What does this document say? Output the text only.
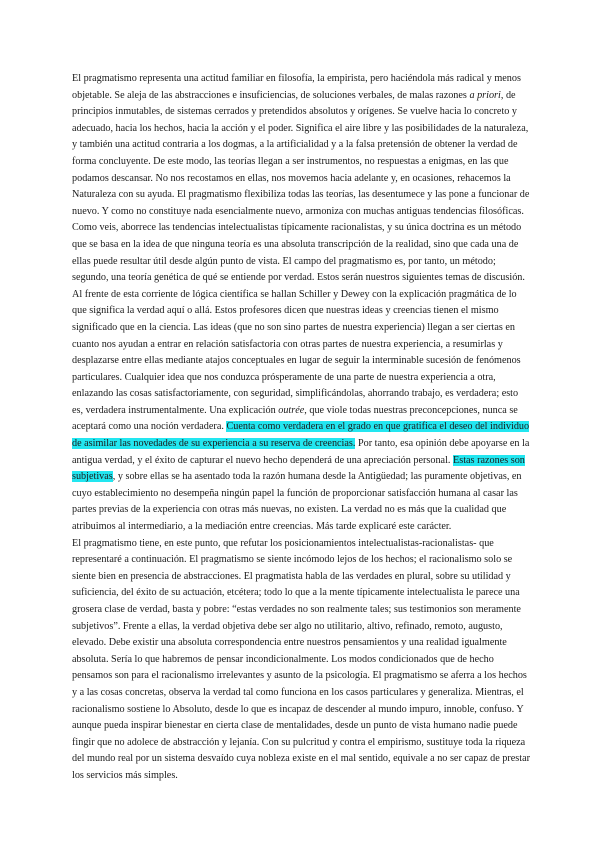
El pragmatismo representa una actitud familiar en filosofía, la empirista, pero haciéndola más radical y menos objetable. Se aleja de las abstracciones e insuficiencias, de soluciones verbales, de malas razones a priori, de principios inmutables, de sistemas cerrados y pretendidos absolutos y orígenes. Se vuelve hacia lo concreto y adecuado, hacia los hechos, hacia la acción y el poder. Significa el aire libre y las posibilidades de la naturaleza, y también una actitud contraria a los dogmas, a la artificialidad y a la falsa pretensión de obtener la verdad de forma concluyente. De este modo, las teorías llegan a ser instrumentos, no respuestas a enigmas, en las que podamos descansar. No nos recostamos en ellas, nos movemos hacia adelante y, en ocasiones, rehacemos la Naturaleza con su ayuda. El pragmatismo flexibiliza todas las teorías, las desentumece y las pone a funcionar de nuevo. Y como no constituye nada esencialmente nuevo, armoniza con muchas antiguas tendencias filosóficas. Como veis, aborrece las tendencias intelectualistas típicamente racionalistas, y su única doctrina es un método que se basa en la idea de que ninguna teoría es una absoluta transcripción de la realidad, sino que cada una de ellas puede resultar útil desde algún punto de vista. El campo del pragmatismo es, por tanto, un método; segundo, una teoría genética de qué se entiende por verdad. Estos serán nuestros siguientes temas de discusión.

Al frente de esta corriente de lógica científica se hallan Schiller y Dewey con la explicación pragmática de lo que significa la verdad aquí o allá. Estos profesores dicen que nuestras ideas y creencias tienen el mismo significado que en la ciencia. Las ideas (que no son sino partes de nuestra experiencia) llegan a ser ciertas en cuanto nos ayudan a entrar en relación satisfactoria con otras partes de nuestra experiencia, a resumirlas y desplazarse entre ellas mediante atajos conceptuales en lugar de seguir la interminable sucesión de fenómenos particulares. Cualquier idea que nos conduzca prósperamente de una parte de nuestra experiencia a otra, enlazando las cosas satisfactoriamente, con seguridad, simplificándolas, ahorrando trabajo, es verdadera; esto es, verdadera instrumentalmente. Una explicación outrée, que viole todas nuestras preconcepciones, nunca se aceptará como una noción verdadera. Cuenta como verdadera en el grado en que gratifica el deseo del individuo de asimilar las novedades de su experiencia a su reserva de creencias. Por tanto, esa opinión debe apoyarse en la antigua verdad, y el éxito de capturar el nuevo hecho dependerá de una apreciación personal. Estas razones son subjetivas, y sobre ellas se ha asentado toda la razón humana desde la Antigüedad; las puramente objetivas, en cuyo establecimiento no desempeña ningún papel la función de proporcionar satisfacción humana al casar las partes previas de la experiencia con otras más nuevas, no existen. La verdad no es más que la cualidad que atribuimos al intermediario, a la mediación entre creencias. Más tarde explicaré este carácter.

El pragmatismo tiene, en este punto, que refutar los posicionamientos intelectualistas-racionalistas- que representaré a continuación. El pragmatismo se siente incómodo lejos de los hechos; el racionalismo solo se siente bien en presencia de abstracciones. El pragmatista habla de las verdades en plural, sobre su utilidad y suficiencia, del éxito de su actuación, etcétera; todo lo que a la mente típicamente intelectualista le parece una grosera clase de verdad, basta y pobre: “estas verdades no son realmente tales; sus testimonios son meramente subjetivos”. Frente a ellas, la verdad objetiva debe ser algo no utilitario, altivo, refinado, remoto, augusto, elevado. Debe existir una absoluta correspondencia entre nuestros pensamientos y una realidad igualmente absoluta. Sería lo que habremos de pensar incondicionalmente. Los modos condicionados que de hecho pensamos son para el racionalismo irrelevantes y asunto de la psicología. El pragmatismo se aferra a los hechos y a las cosas concretas, observa la verdad tal como funciona en los casos particulares y generaliza. Mientras, el racionalismo sostiene lo Absoluto, desde lo que es incapaz de descender al mundo impuro, innoble, confuso. Y aunque pueda inspirar bienestar en cierta clase de mentalidades, desde un punto de vista humano nadie puede fingir que no adolece de abstracción y lejanía. Con su pulcritud y contra el empirismo, sustituye toda la riqueza del mundo real por un sistema desvaído cuya nobleza existe en el mal sentido, equivale a no ser capaz de prestar los servicios más simples.
